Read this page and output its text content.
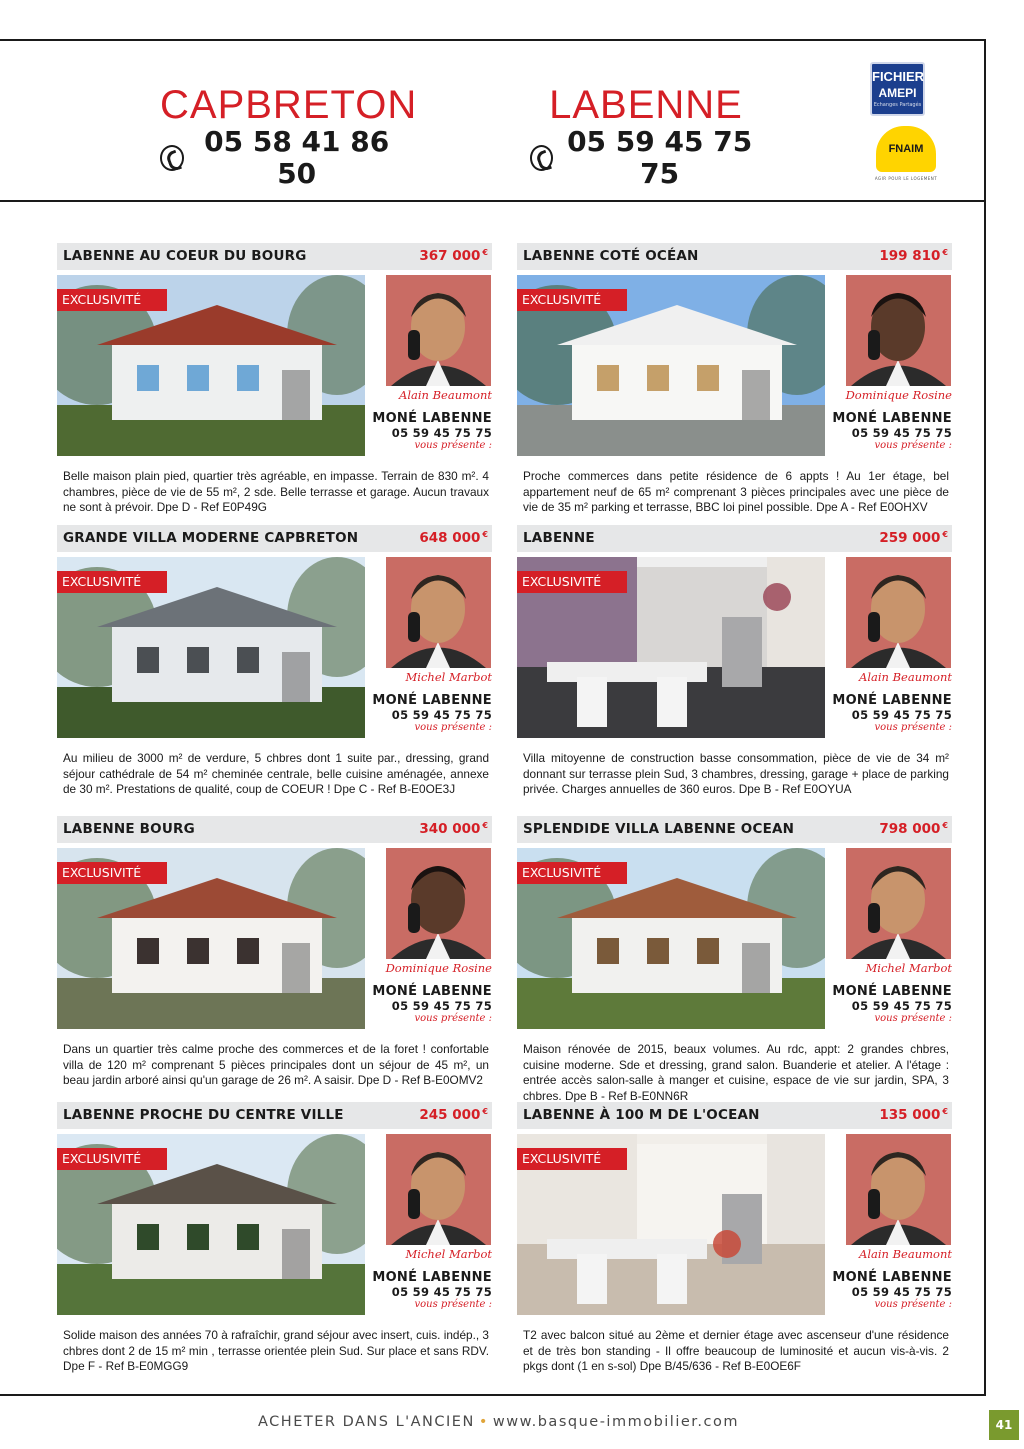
CAPBRETON
05 58 41 86 50
LABENNE
05 59 45 75 75
FICHIER
AMEPI
Echanges Partagés
FNAIM
AGIR POUR LE LOGEMENT
LABENNE AU COEUR DU BOURG	367 000 €
EXCLUSIVITÉ
Alain Beaumont
MONÉ LABENNE
05 59 45 75 75
vous présente :
Belle maison plain pied, quartier très agréable, en impasse. Terrain de 830 m². 4 chambres, pièce de vie de 55 m², 2 sde. Belle terrasse et garage. Aucun travaux ne sont à prévoir. Dpe D - Ref E0P49G
LABENNE COTÉ OCÉAN	199 810 €
EXCLUSIVITÉ
Dominique Rosine
MONÉ LABENNE
05 59 45 75 75
vous présente :
Proche commerces dans petite résidence de 6 appts ! Au 1er étage, bel appartement neuf de 65 m² comprenant 3 pièces principales avec une pièce de vie de 35 m² parking et terrasse, BBC loi pinel possible. Dpe A - Ref E0OHXV
GRANDE VILLA MODERNE CAPBRETON	648 000 €
EXCLUSIVITÉ
Michel Marbot
MONÉ LABENNE
05 59 45 75 75
vous présente :
Au milieu de 3000 m² de verdure, 5 chbres dont 1 suite par., dressing, grand séjour cathédrale de 54 m² cheminée centrale, belle cuisine aménagée, annexe de 30 m². Prestations de qualité, coup de COEUR ! Dpe C - Ref B-E0OE3J
LABENNE	259 000 €
EXCLUSIVITÉ
Alain Beaumont
MONÉ LABENNE
05 59 45 75 75
vous présente :
Villa mitoyenne de construction basse consommation, pièce de vie de 34 m² donnant sur terrasse plein Sud, 3 chambres, dressing, garage + place de parking privée. Charges annuelles de 360 euros. Dpe B - Ref E0OYUA
LABENNE BOURG	340 000 €
EXCLUSIVITÉ
Dominique Rosine
MONÉ LABENNE
05 59 45 75 75
vous présente :
Dans un quartier très calme proche des commerces et de la foret ! confortable villa de 120 m² comprenant 5 pièces principales dont un séjour de 45 m², un beau jardin arboré ainsi qu'un garage de 26 m². A saisir. Dpe D - Ref B-E0OMV2
SPLENDIDE VILLA LABENNE OCEAN	798 000 €
EXCLUSIVITÉ
Michel Marbot
MONÉ LABENNE
05 59 45 75 75
vous présente :
Maison rénovée de 2015, beaux volumes. Au rdc, appt: 2 grandes chbres, cuisine moderne. Sde et dressing, grand salon. Buanderie et atelier. A l'étage : entrée accès salon-salle à manger et cuisine, espace de vie sur jardin, SPA, 3 chbres. Dpe B - Ref B-E0NN6R
LABENNE PROCHE DU CENTRE VILLE	245 000 €
EXCLUSIVITÉ
Michel Marbot
MONÉ LABENNE
05 59 45 75 75
vous présente :
Solide maison des années 70 à rafraîchir, grand séjour avec insert, cuis. indép., 3 chbres dont 2 de 15 m² min , terrasse orientée plein Sud. Sur place et sans RDV. Dpe F - Ref B-E0MGG9
LABENNE À 100 M DE L'OCEAN	135 000 €
EXCLUSIVITÉ
Alain Beaumont
MONÉ LABENNE
05 59 45 75 75
vous présente :
T2 avec balcon situé au 2ème et dernier étage avec ascenseur d'une résidence et de très bon standing - Il offre beaucoup de luminosité et aucun vis-à-vis. 2 pkgs dont (1 en s-sol) Dpe B/45/636 - Ref B-E0OE6F
ACHETER DANS L'ANCIEN • www.basque-immobilier.com	41
